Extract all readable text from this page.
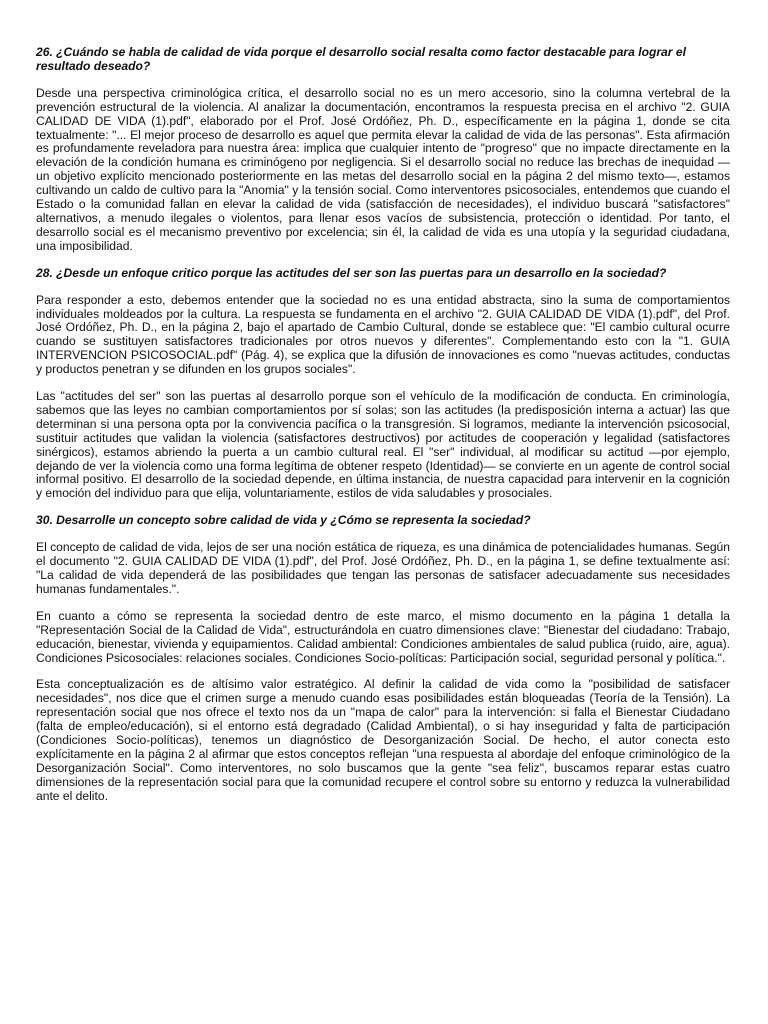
26. ¿Cuándo se habla de calidad de vida porque el desarrollo social resalta como factor destacable para lograr el resultado deseado?

Desde una perspectiva criminológica crítica, el desarrollo social no es un mero accesorio, sino la columna vertebral de la prevención estructural de la violencia. Al analizar la documentación, encontramos la respuesta precisa en el archivo "2. GUIA CALIDAD DE VIDA (1).pdf", elaborado por el Prof. José Ordóñez, Ph. D., específicamente en la página 1, donde se cita textualmente: "... El mejor proceso de desarrollo es aquel que permita elevar la calidad de vida de las personas". Esta afirmación es profundamente reveladora para nuestra área: implica que cualquier intento de "progreso" que no impacte directamente en la elevación de la condición humana es criminógeno por negligencia. Si el desarrollo social no reduce las brechas de inequidad —un objetivo explícito mencionado posteriormente en las metas del desarrollo social en la página 2 del mismo texto—, estamos cultivando un caldo de cultivo para la "Anomia" y la tensión social. Como interventores psicosociales, entendemos que cuando el Estado o la comunidad fallan en elevar la calidad de vida (satisfacción de necesidades), el individuo buscará "satisfactores" alternativos, a menudo ilegales o violentos, para llenar esos vacíos de subsistencia, protección o identidad. Por tanto, el desarrollo social es el mecanismo preventivo por excelencia; sin él, la calidad de vida es una utopía y la seguridad ciudadana, una imposibilidad.

28. ¿Desde un enfoque critico porque las actitudes del ser son las puertas para un desarrollo en la sociedad?

Para responder a esto, debemos entender que la sociedad no es una entidad abstracta, sino la suma de comportamientos individuales moldeados por la cultura. La respuesta se fundamenta en el archivo "2. GUIA CALIDAD DE VIDA (1).pdf", del Prof. José Ordóñez, Ph. D., en la página 2, bajo el apartado de Cambio Cultural, donde se establece que: "El cambio cultural ocurre cuando se sustituyen satisfactores tradicionales por otros nuevos y diferentes". Complementando esto con la "1. GUIA INTERVENCION PSICOSOCIAL.pdf" (Pág. 4), se explica que la difusión de innovaciones es como "nuevas actitudes, conductas y productos penetran y se difunden en los grupos sociales".

Las "actitudes del ser" son las puertas al desarrollo porque son el vehículo de la modificación de conducta. En criminología, sabemos que las leyes no cambian comportamientos por sí solas; son las actitudes (la predisposición interna a actuar) las que determinan si una persona opta por la convivencia pacífica o la transgresión. Si logramos, mediante la intervención psicosocial, sustituir actitudes que validan la violencia (satisfactores destructivos) por actitudes de cooperación y legalidad (satisfactores sinérgicos), estamos abriendo la puerta a un cambio cultural real. El "ser" individual, al modificar su actitud —por ejemplo, dejando de ver la violencia como una forma legítima de obtener respeto (Identidad)— se convierte en un agente de control social informal positivo. El desarrollo de la sociedad depende, en última instancia, de nuestra capacidad para intervenir en la cognición y emoción del individuo para que elija, voluntariamente, estilos de vida saludables y prosociales.

30. Desarrolle un concepto sobre calidad de vida y ¿Cómo se representa la sociedad?

El concepto de calidad de vida, lejos de ser una noción estática de riqueza, es una dinámica de potencialidades humanas. Según el documento "2. GUIA CALIDAD DE VIDA (1).pdf", del Prof. José Ordóñez, Ph. D., en la página 1, se define textualmente así: "La calidad de vida dependerá de las posibilidades que tengan las personas de satisfacer adecuadamente sus necesidades humanas fundamentales.".

En cuanto a cómo se representa la sociedad dentro de este marco, el mismo documento en la página 1 detalla la "Representación Social de la Calidad de Vida", estructurándola en cuatro dimensiones clave: "Bienestar del ciudadano: Trabajo, educación, bienestar, vivienda y equipamientos. Calidad ambiental: Condiciones ambientales de salud publica (ruido, aire, agua). Condiciones Psicosociales: relaciones sociales. Condiciones Socio-políticas: Participación social, seguridad personal y política.".

Esta conceptualización es de altísimo valor estratégico. Al definir la calidad de vida como la "posibilidad de satisfacer necesidades", nos dice que el crimen surge a menudo cuando esas posibilidades están bloqueadas (Teoría de la Tensión). La representación social que nos ofrece el texto nos da un "mapa de calor" para la intervención: si falla el Bienestar Ciudadano (falta de empleo/educación), si el entorno está degradado (Calidad Ambiental), o si hay inseguridad y falta de participación (Condiciones Socio-políticas), tenemos un diagnóstico de Desorganización Social. De hecho, el autor conecta esto explícitamente en la página 2 al afirmar que estos conceptos reflejan "una respuesta al abordaje del enfoque criminológico de la Desorganización Social". Como interventores, no solo buscamos que la gente "sea feliz", buscamos reparar estas cuatro dimensiones de la representación social para que la comunidad recupere el control sobre su entorno y reduzca la vulnerabilidad ante el delito.
